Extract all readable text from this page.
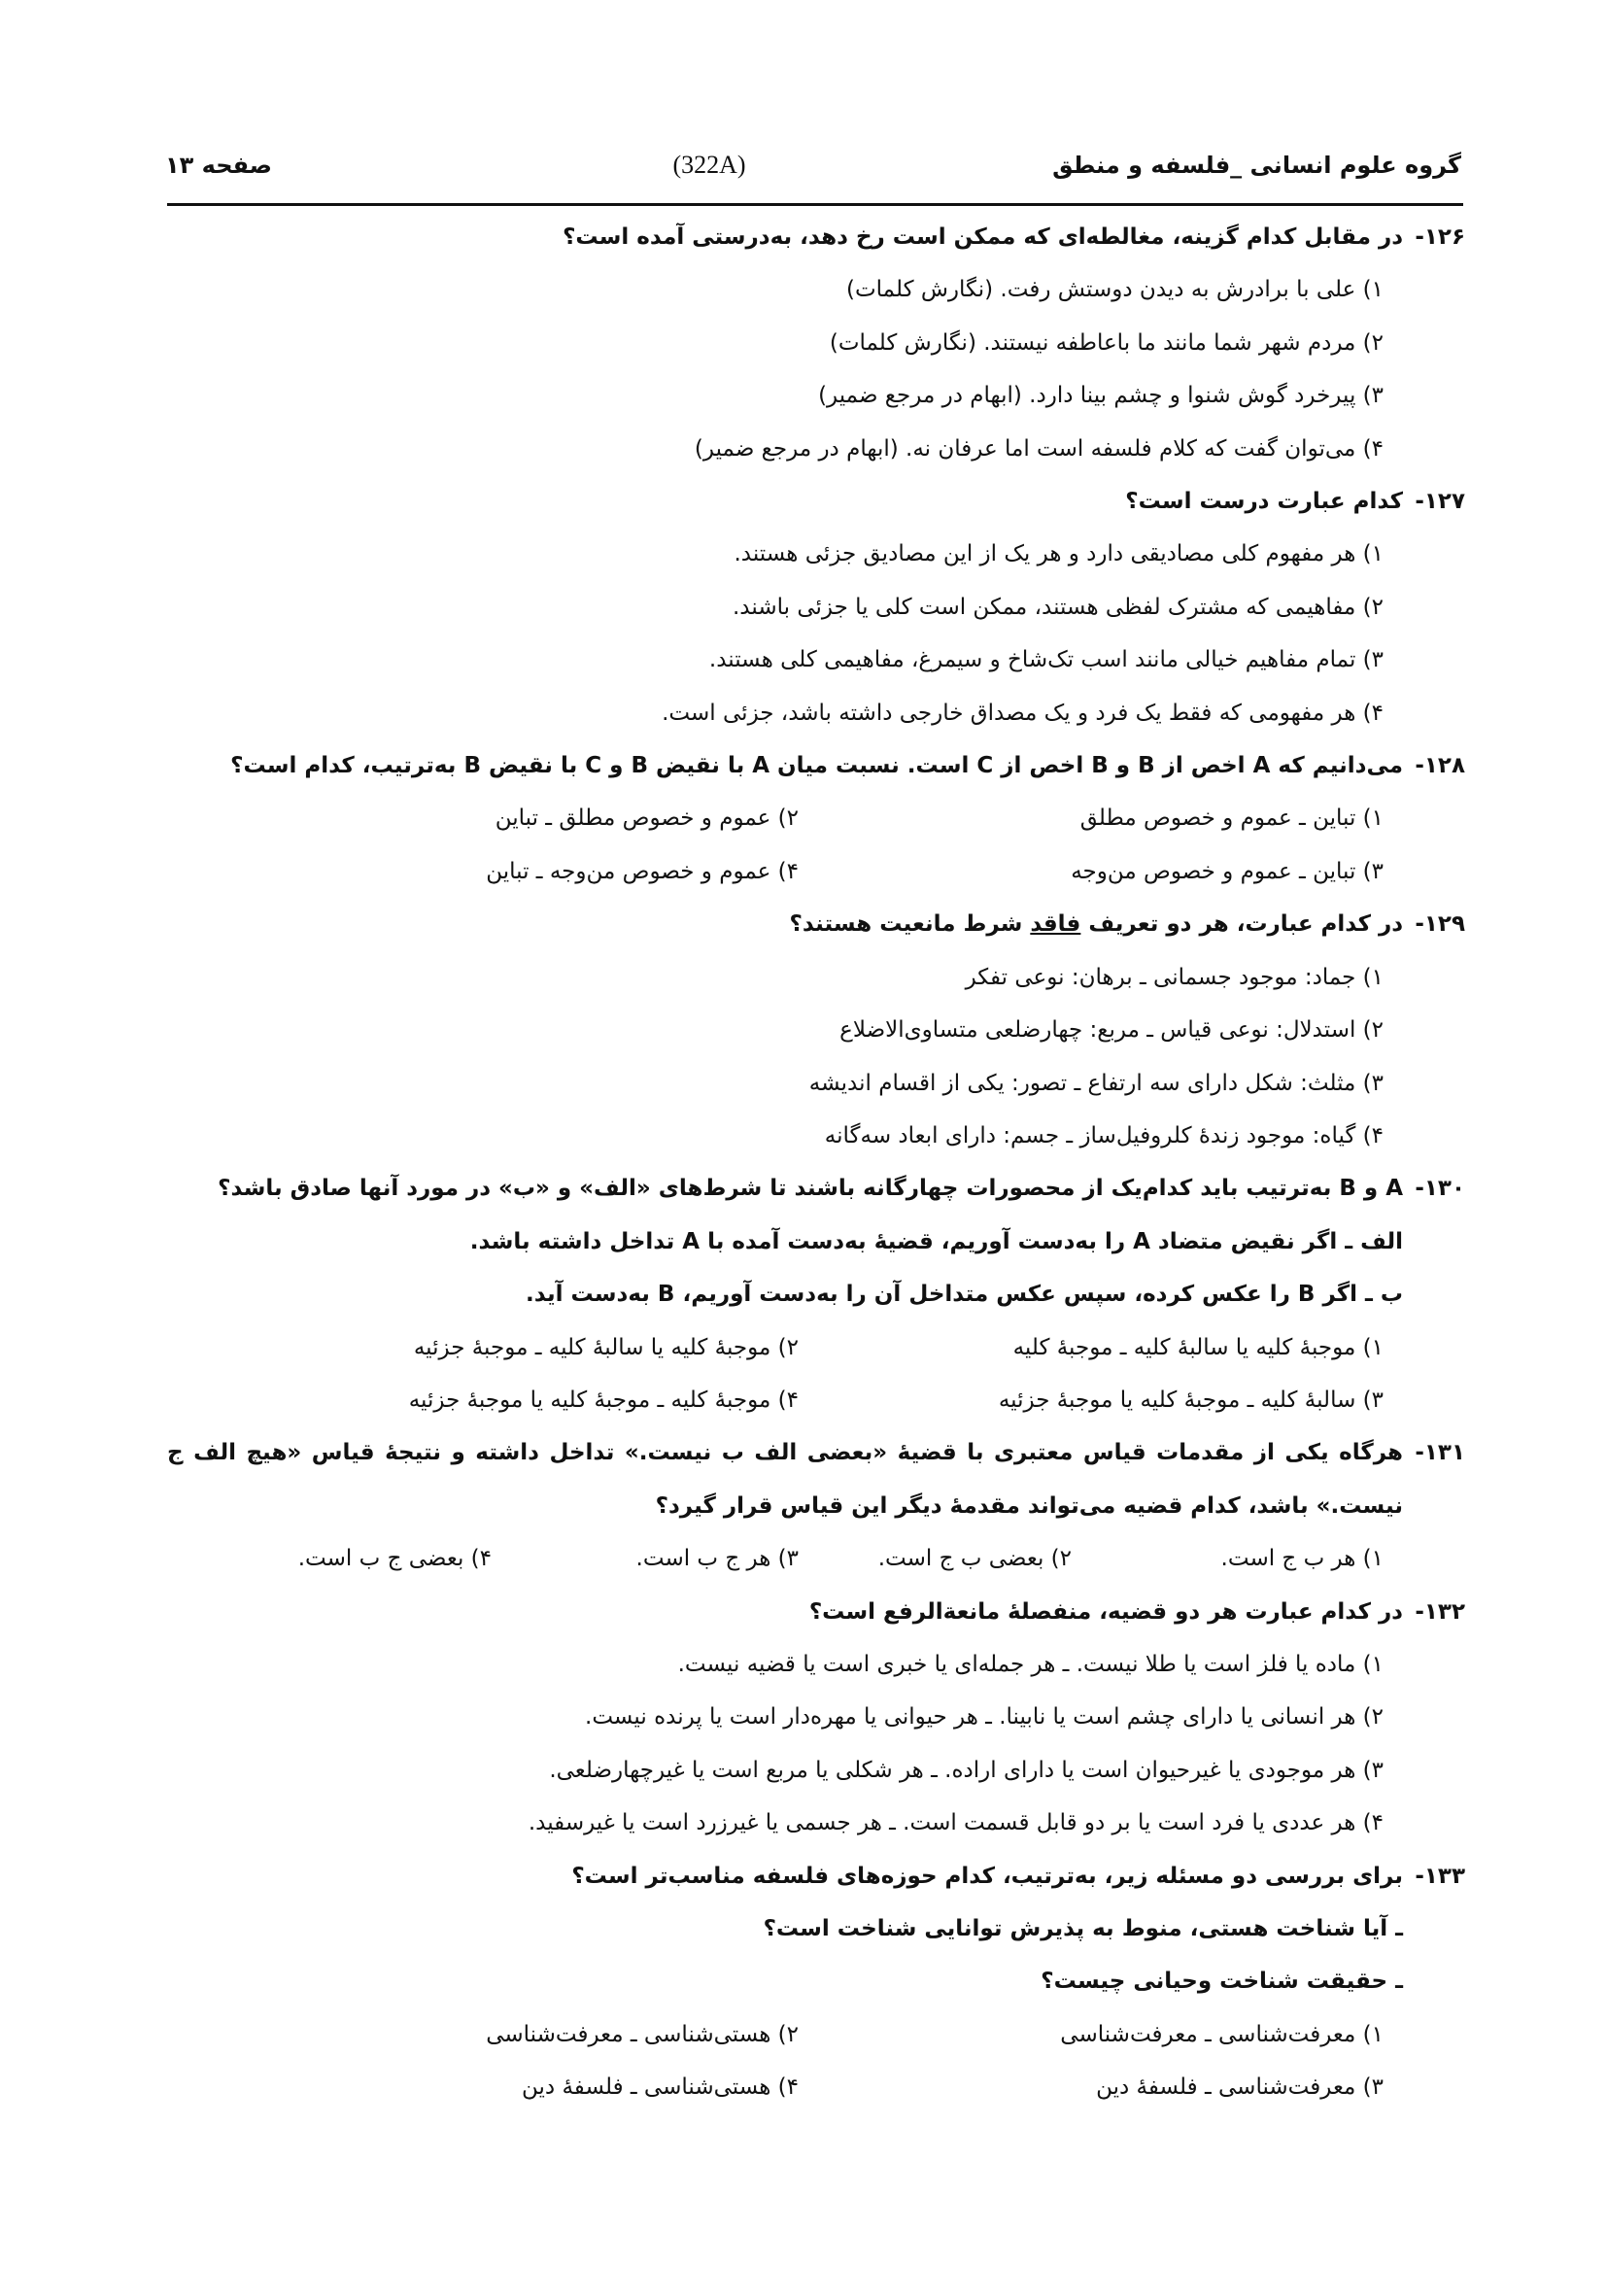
گروه علوم انسانی _فلسفه و منطق
(322A)
صفحه ۱۳
۱۲۶-
در مقابل کدام گزینه، مغالطه‌ای که ممکن است رخ دهد، به‌درستی آمده است؟
۱) علی با برادرش به دیدن دوستش رفت. (نگارش کلمات)
۲) مردم شهر شما مانند ما باعاطفه نیستند. (نگارش کلمات)
۳) پیرخرد گوش شنوا و چشم بینا دارد. (ابهام در مرجع ضمیر)
۴) می‌توان گفت که کلام فلسفه است اما عرفان نه. (ابهام در مرجع ضمیر)
۱۲۷-
کدام عبارت درست است؟
۱) هر مفهوم کلی مصادیقی دارد و هر یک از این مصادیق جزئی هستند.
۲) مفاهیمی که مشترک لفظی هستند، ممکن است کلی یا جزئی باشند.
۳) تمام مفاهیم خیالی مانند اسب تک‌شاخ و سیمرغ، مفاهیمی کلی هستند.
۴) هر مفهومی که فقط یک فرد و یک مصداق خارجی داشته باشد، جزئی است.
۱۲۸-
می‌دانیم که A اخص از B و B اخص از C است. نسبت میان A با نقیض B و C با نقیض B به‌ترتیب، کدام است؟
۱) تباین ـ عموم و خصوص مطلق
۲) عموم و خصوص مطلق ـ تباین
۳) تباین ـ عموم و خصوص من‌وجه
۴) عموم و خصوص من‌وجه ـ تباین
۱۲۹-
در کدام عبارت، هر دو تعریف فاقد شرط مانعیت هستند؟
۱) جماد: موجود جسمانی ـ برهان: نوعی تفکر
۲) استدلال: نوعی قیاس ـ مربع: چهارضلعی متساوی‌الاضلاع
۳) مثلث: شکل دارای سه ارتفاع ـ تصور: یکی از اقسام اندیشه
۴) گیاه: موجود زندهٔ کلروفیل‌ساز ـ جسم: دارای ابعاد سه‌گانه
۱۳۰-
A و B به‌ترتیب باید کدام‌یک از محصورات چهارگانه باشند تا شرط‌های «الف» و «ب» در مورد آنها صادق باشد؟
الف ـ اگر نقیض متضاد A را به‌دست آوریم، قضیهٔ به‌دست آمده با A تداخل داشته باشد.
ب ـ اگر B را عکس کرده، سپس عکس متداخل آن را به‌دست آوریم، B به‌دست آید.
۱) موجبهٔ کلیه یا سالبهٔ کلیه ـ موجبهٔ کلیه
۲) موجبهٔ کلیه یا سالبهٔ کلیه ـ موجبهٔ جزئیه
۳) سالبهٔ کلیه ـ موجبهٔ کلیه یا موجبهٔ جزئیه
۴) موجبهٔ کلیه ـ موجبهٔ کلیه یا موجبهٔ جزئیه
۱۳۱-
هرگاه یکی از مقدمات قیاس معتبری با قضیهٔ «بعضی الف ب نیست.» تداخل داشته و نتیجهٔ قیاس «هیچ الف ج نیست.» باشد، کدام قضیه می‌تواند مقدمهٔ دیگر این قیاس قرار گیرد؟
۱) هر ب ج است.
۲) بعضی ب ج است.
۳) هر ج ب است.
۴) بعضی ج ب است.
۱۳۲-
در کدام عبارت هر دو قضیه، منفصلهٔ مانعةالرفع است؟
۱) ماده یا فلز است یا طلا نیست. ـ هر جمله‌ای یا خبری است یا قضیه نیست.
۲) هر انسانی یا دارای چشم است یا نابینا. ـ هر حیوانی یا مهره‌دار است یا پرنده نیست.
۳) هر موجودی یا غیرحیوان است یا دارای اراده. ـ هر شکلی یا مربع است یا غیرچهارضلعی.
۴) هر عددی یا فرد است یا بر دو قابل قسمت است. ـ هر جسمی یا غیرزرد است یا غیرسفید.
۱۳۳-
برای بررسی دو مسئله زیر، به‌ترتیب، کدام حوزه‌های فلسفه مناسب‌تر است؟
ـ آیا شناخت هستی، منوط به پذیرش توانایی شناخت است؟
ـ حقیقت شناخت وحیانی چیست؟
۱) معرفت‌شناسی ـ معرفت‌شناسی
۲) هستی‌شناسی ـ معرفت‌شناسی
۳) معرفت‌شناسی ـ فلسفهٔ دین
۴) هستی‌شناسی ـ فلسفهٔ دین
